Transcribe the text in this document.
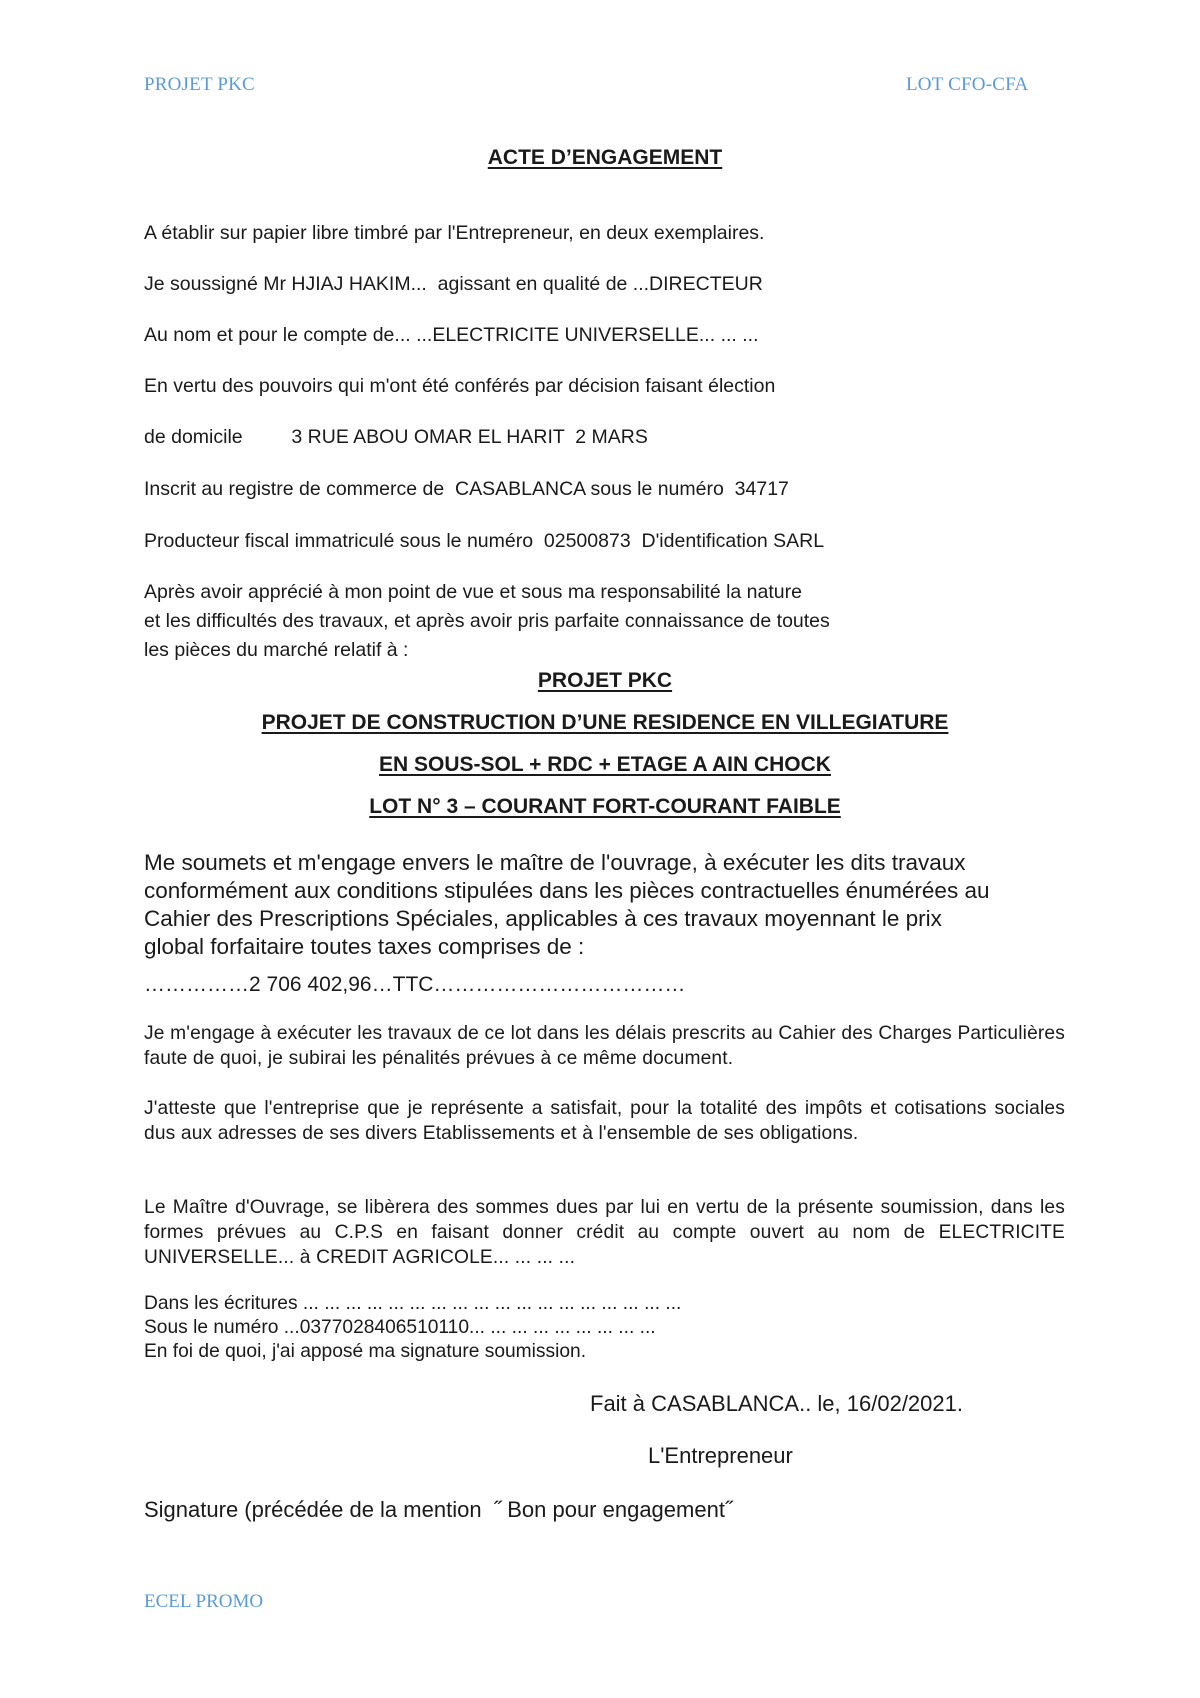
PROJET PKC	LOT CFO-CFA
ACTE D’ENGAGEMENT
A établir sur papier libre timbré par l'Entrepreneur, en deux exemplaires.
Je soussigné Mr HJIAJ HAKIM...  agissant en qualité de ...DIRECTEUR
Au nom et pour le compte de... ...ELECTRICITE UNIVERSELLE... ... ...
En vertu des pouvoirs qui m'ont été conférés par décision faisant élection
de domicile         3 RUE ABOU OMAR EL HARIT  2 MARS
Inscrit au registre de commerce de  CASABLANCA sous le numéro  34717
Producteur fiscal immatriculé sous le numéro  02500873  D'identification SARL
Après avoir apprécié à mon point de vue et sous ma responsabilité la nature
et les difficultés des travaux, et après avoir pris parfaite connaissance de toutes
les pièces du marché relatif à :
PROJET PKC
PROJET DE CONSTRUCTION D’UNE RESIDENCE EN VILLEGIATURE
EN SOUS-SOL + RDC + ETAGE A AIN CHOCK
LOT N° 3 – COURANT FORT-COURANT FAIBLE
Me soumets et m'engage envers le maître de l'ouvrage, à exécuter les dits travaux
conformément aux conditions stipulées dans les pièces contractuelles énumérées au
Cahier des Prescriptions Spéciales, applicables à ces travaux moyennant le prix
global forfaitaire toutes taxes comprises de :
……………2 706 402,96…TTC………………………………
Je m'engage à exécuter les travaux de ce lot dans les délais prescrits au Cahier des Charges Particulières faute de quoi, je subirai les pénalités prévues à ce même document.
J'atteste que l'entreprise que je représente a satisfait, pour la totalité des impôts et cotisations sociales dus aux adresses de ses divers Etablissements et à l'ensemble de ses obligations.
Le Maître d'Ouvrage, se libèrera des sommes dues par lui en vertu de la présente soumission, dans les formes prévues au C.P.S en faisant donner crédit au compte ouvert au nom de ELECTRICITE UNIVERSELLE... à CREDIT AGRICOLE... ... ... ...
Dans les écritures ... ... ... ... ... ... ... ... ... ... ... ... ... ... ... ... ... ...
Sous le numéro ...0377028406510110... ... ... ... ... ... ... ... ...
En foi de quoi, j'ai apposé ma signature soumission.
Fait à CASABLANCA.. le, 16/02/2021.
L'Entrepreneur
Signature (précédée de la mention  ˝ Bon pour engagement˝
ECEL PROMO
